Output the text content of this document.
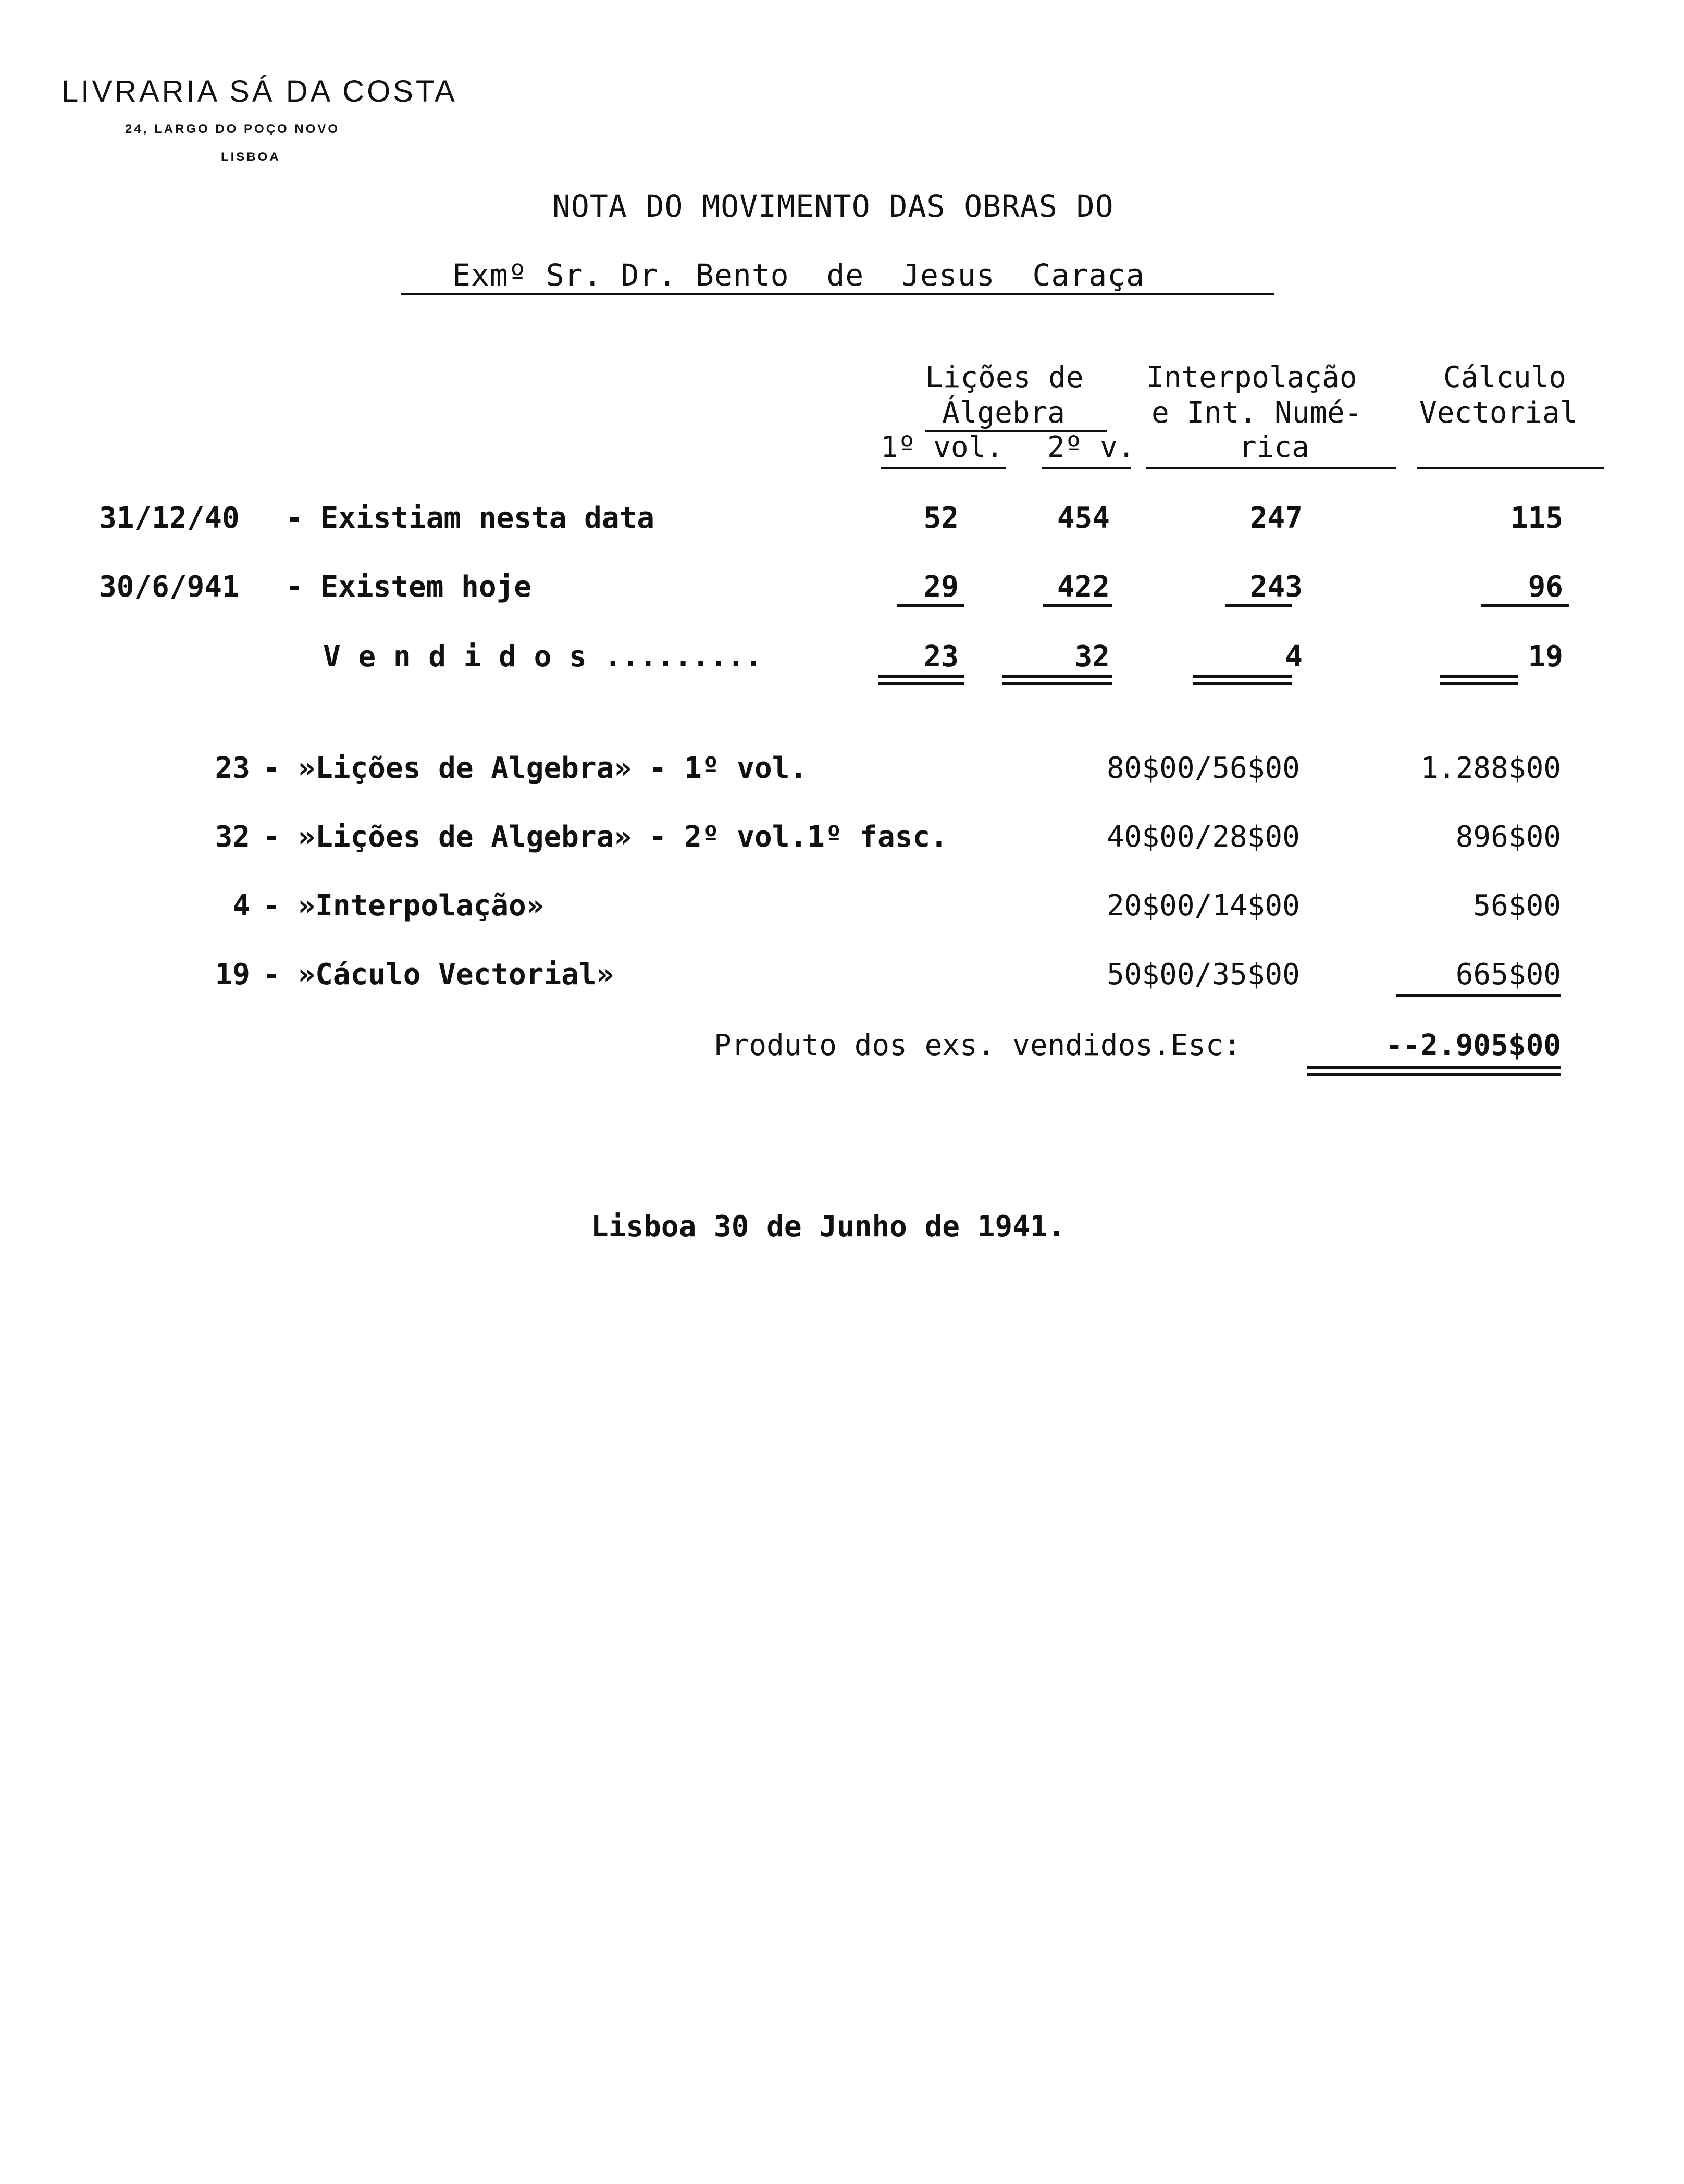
LIVRARIA SÁ DA COSTA
24, LARGO DO POÇO NOVO
LISBOA
NOTA DO MOVIMENTO DAS OBRAS DO
Exmº Sr. Dr. Bento  de  Jesus  Caraça
Lições de
Álgebra
1º vol. 2º v.
Interpolação
e Int. Numé-
rica
Cálculo
Vectorial
31/12/40 - Existiam nesta data	52	454	247	115
30/6/941 - Existem hoje	29	422	243	96
V e n d i d o s .........	23	32	4	19
23 - »Lições de Algebra» - 1º vol.	80$00/56$00	1.288$00
32 - »Lições de Algebra» - 2º vol.1º fasc.	40$00/28$00	896$00
4 - »Interpolação»	20$00/14$00	56$00
19 - »Cáculo Vectorial»	50$00/35$00	665$00
Produto dos exs. vendidos.Esc:	--2.905$00
Lisboa 30 de Junho de 1941.
